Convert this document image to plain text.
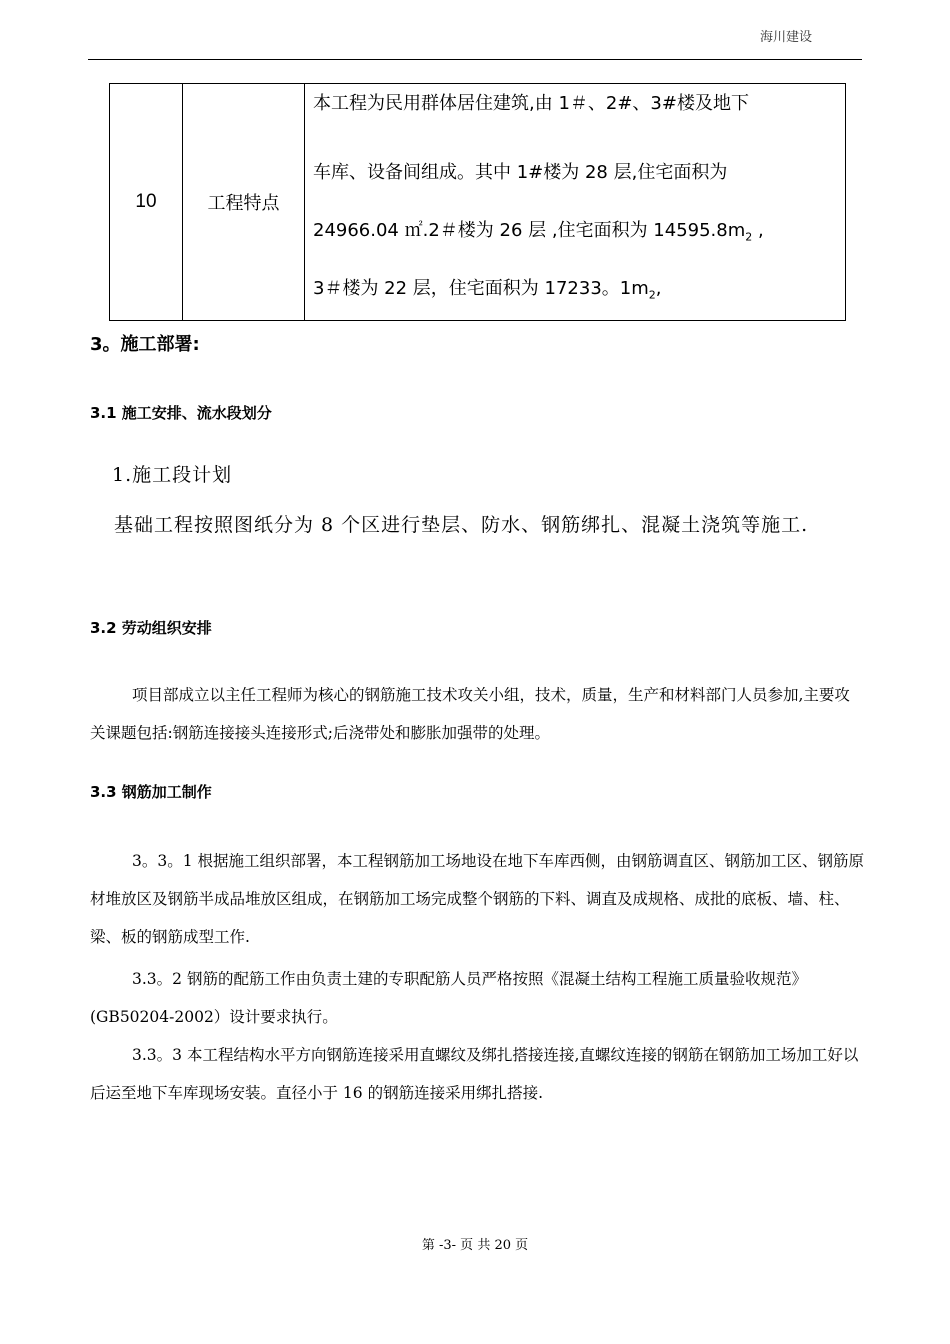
海川建设
10	工程特点	
本工程为民用群体居住建筑,由 1＃、2#、3#楼及地下
车库、设备间组成。其中 1#楼为 28 层,住宅面积为
24966.04 ㎡.2＃楼为 26 层 ,住宅面积为 $14595.8m_2$ ,
3＃楼为 22 层，住宅面积为 17233。$1m_2$,
3。施工部署:
3.1 施工安排、流水段划分
1.施工段计划
基础工程按照图纸分为 8 个区进行垫层、防水、钢筋绑扎、混凝土浇筑等施工.
3.2 劳动组织安排
项目部成立以主任工程师为核心的钢筋施工技术攻关小组，技术，质量，生产和材料部门人员参加,主要攻关课题包括:钢筋连接接头连接形式;后浇带处和膨胀加强带的处理。
3.3 钢筋加工制作
3。3。1 根据施工组织部署，本工程钢筋加工场地设在地下车库西侧，由钢筋调直区、钢筋加工区、钢筋原材堆放区及钢筋半成品堆放区组成，在钢筋加工场完成整个钢筋的下料、调直及成规格、成批的底板、墙、柱、梁、板的钢筋成型工作.
3.3。2 钢筋的配筋工作由负责土建的专职配筋人员严格按照《混凝土结构工程施工质量验收规范》(GB50204-2002）设计要求执行。
3.3。3 本工程结构水平方向钢筋连接采用直螺纹及绑扎搭接连接,直螺纹连接的钢筋在钢筋加工场加工好以后运至地下车库现场安装。直径小于 16 的钢筋连接采用绑扎搭接.
第 -3- 页 共 20 页
